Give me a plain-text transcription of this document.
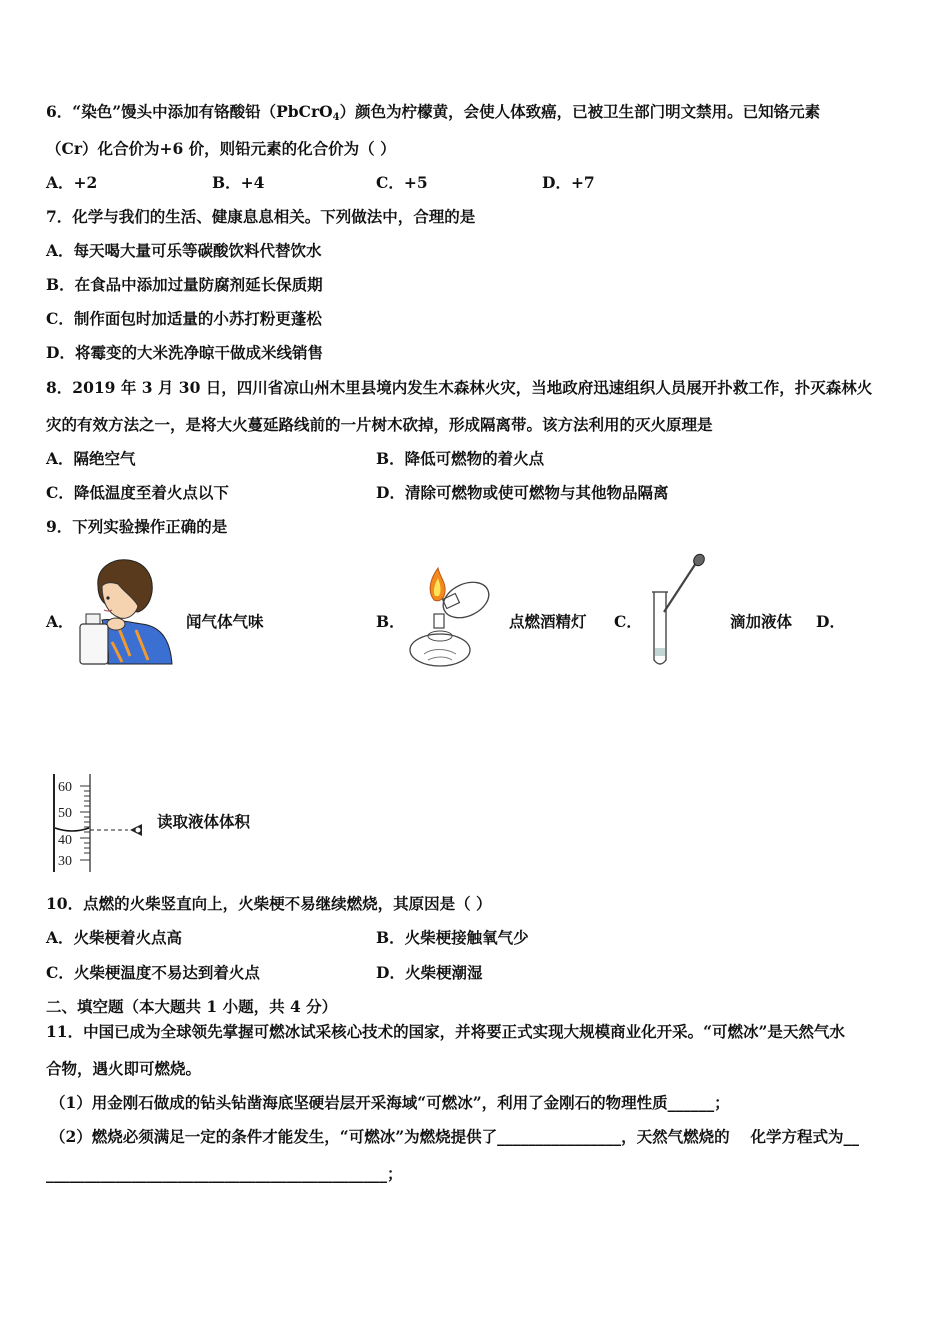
6．“染色”馒头中添加有铬酸铅（PbCrO$_4$）颜色为柠檬黄，会使人体致癌，已被卫生部门明文禁用。已知铬元素
（Cr）化合价为+6 价，则铅元素的化合价为（ ）
A．+2	B．+4	C．+5	D．+7
7．化学与我们的生活、健康息息相关。下列做法中，合理的是
A．每天喝大量可乐等碳酸饮料代替饮水
B．在食品中添加过量防腐剂延长保质期
C．制作面包时加适量的小苏打粉更蓬松
D．将霉变的大米洗净晾干做成米线销售
8．2019 年 3 月 30 日，四川省凉山州木里县境内发生木森林火灾，当地政府迅速组织人员展开扑救工作，扑灭森林火
灾的有效方法之一，是将大火蔓延路线前的一片树木砍掉，形成隔离带。该方法利用的灭火原理是
A．隔绝空气	B．降低可燃物的着火点
C．降低温度至着火点以下	D．清除可燃物或使可燃物与其他物品隔离
9．下列实验操作正确的是
A．	闻气体气味	B．	点燃酒精灯 C．	滴加液体 D．
60
50
40
30
读取液体体积
10．点燃的火柴竖直向上，火柴梗不易继续燃烧，其原因是（ ）
A．火柴梗着火点高	B．火柴梗接触氧气少
C．火柴梗温度不易达到着火点	D．火柴梗潮湿
二、填空题（本大题共 1 小题，共 4 分）
11．中国已成为全球领先掌握可燃冰试采核心技术的国家，并将要正式实现大规模商业化开采。“可燃冰”是天然气水
合物，遇火即可燃烧。
（1）用金刚石做成的钻头钻凿海底坚硬岩层开采海域“可燃冰”，利用了金刚石的物理性质______；
（2）燃烧必须满足一定的条件才能发生，“可燃冰”为燃烧提供了________________，天然气燃烧的　 化学方程式为__
____________________________________________；
